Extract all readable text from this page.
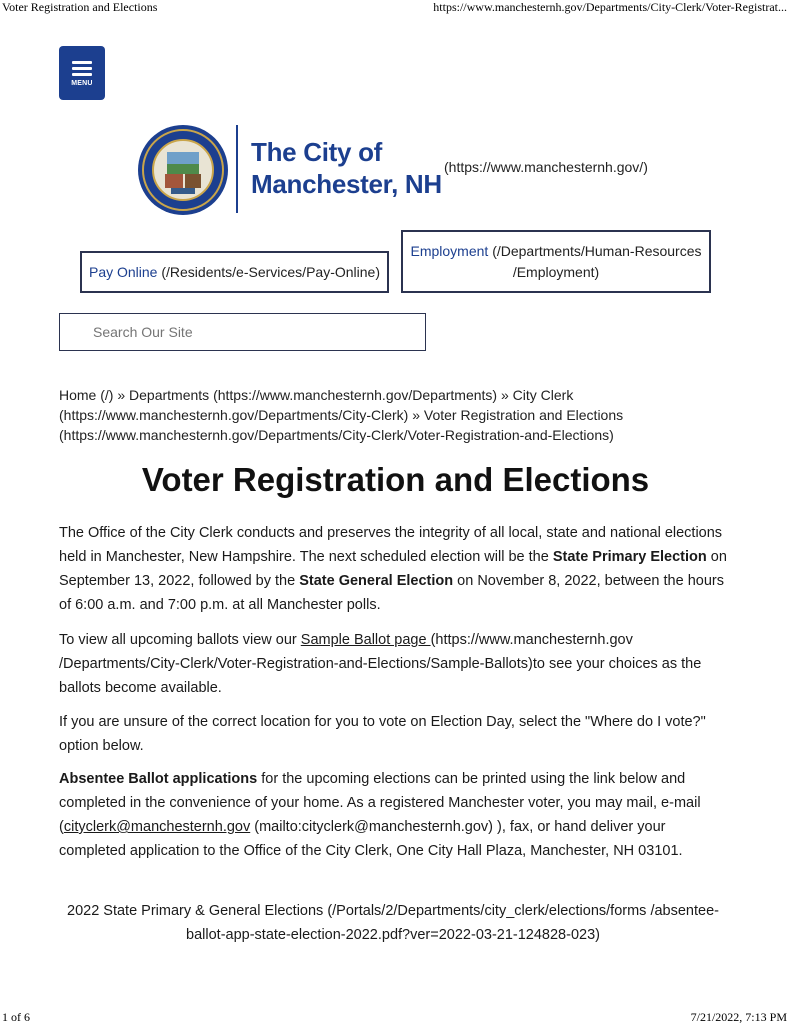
Voter Registration and Elections	https://www.manchesternh.gov/Departments/City-Clerk/Voter-Registrat...
MENU
The City of
Manchester, NH
(https://www.manchesternh.gov/)
Pay Online (/Residents/e-Services/Pay-Online)
Employment (/Departments/Human-Resources /Employment)
Search Our Site
Home (/) » Departments (https://www.manchesternh.gov/Departments) » City Clerk (https://www.manchesternh.gov/Departments/City-Clerk) » Voter Registration and Elections (https://www.manchesternh.gov/Departments/City-Clerk/Voter-Registration-and-Elections)
Voter Registration and Elections
The Office of the City Clerk conducts and preserves the integrity of all local, state and national elections held in Manchester, New Hampshire. The next scheduled election will be the State Primary Election on September 13, 2022, followed by the State General Election on November 8, 2022, between the hours of 6:00 a.m. and 7:00 p.m. at all Manchester polls.
To view all upcoming ballots view our Sample Ballot page (https://www.manchesternh.gov /Departments/City-Clerk/Voter-Registration-and-Elections/Sample-Ballots)to see your choices as the ballots become available.
If you are unsure of the correct location for you to vote on Election Day, select the "Where do I vote?" option below.
Absentee Ballot applications for the upcoming elections can be printed using the link below and completed in the convenience of your home. As a registered Manchester voter, you may mail, e-mail (cityclerk@manchesternh.gov (mailto:cityclerk@manchesternh.gov) ), fax, or hand deliver your completed application to the Office of the City Clerk, One City Hall Plaza, Manchester, NH 03101.
2022 State Primary & General Elections (/Portals/2/Departments/city_clerk/elections/forms /absentee-ballot-app-state-election-2022.pdf?ver=2022-03-21-124828-023)
1 of 6	7/21/2022, 7:13 PM
